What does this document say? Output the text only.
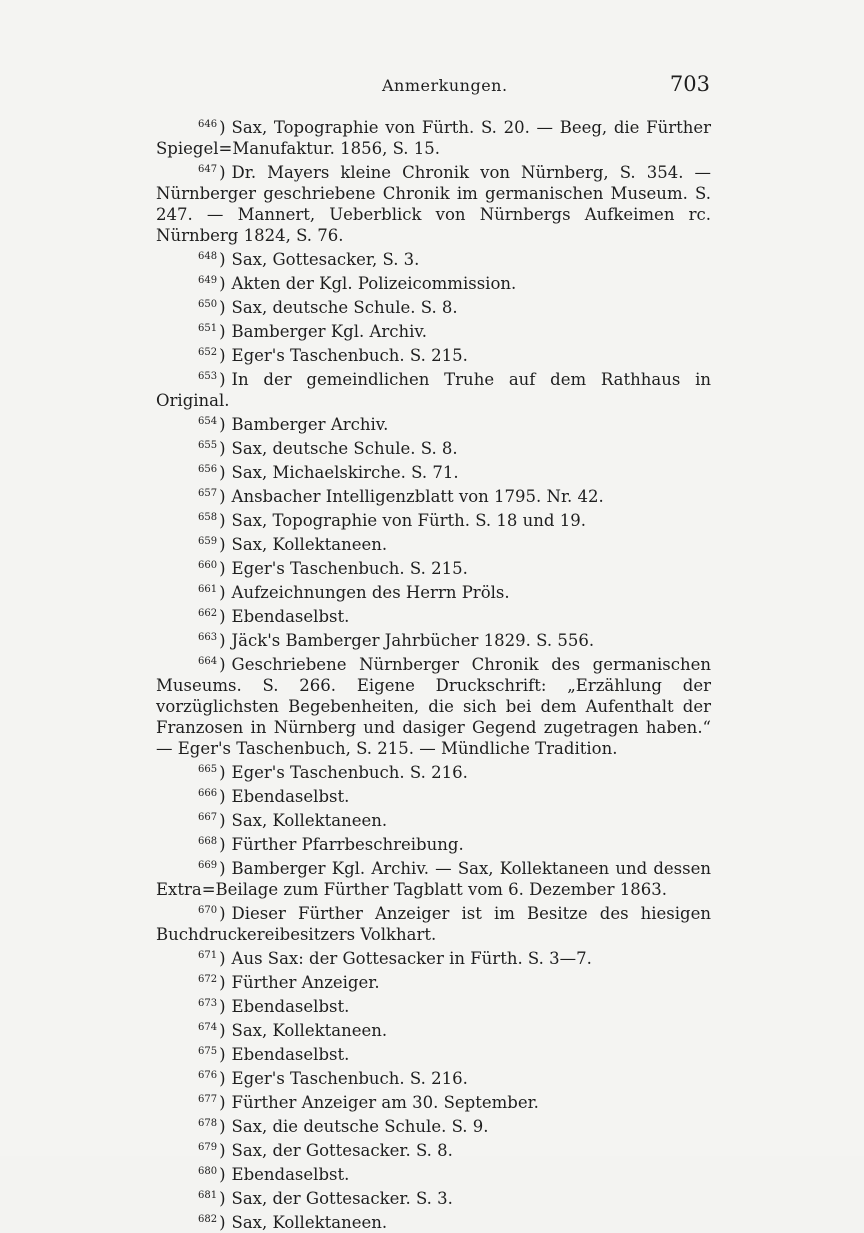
Anmerkungen.	703

$^{646}$ ) Sax, Topographie von Fürth. S. 20. — Beeg, die Fürther Spiegel=Manufaktur. 1856, S. 15.

$^{647}$ ) Dr. Mayers kleine Chronik von Nürnberg, S. 354. — Nürnberger geschriebene Chronik im germanischen Museum. S. 247. — Mannert, Ueberblick von Nürnbergs Aufkeimen rc. Nürnberg 1824, S. 76.

$^{648}$ ) Sax, Gottesacker, S. 3.

$^{649}$ ) Akten der Kgl. Polizeicommission.

$^{650}$ ) Sax, deutsche Schule. S. 8.

$^{651}$ ) Bamberger Kgl. Archiv.

$^{652}$ ) Eger's Taschenbuch. S. 215.

$^{653}$ ) In der gemeindlichen Truhe auf dem Rathhaus in Original.

$^{654}$ ) Bamberger Archiv.

$^{655}$ ) Sax, deutsche Schule. S. 8.

$^{656}$ ) Sax, Michaelskirche. S. 71.

$^{657}$ ) Ansbacher Intelligenzblatt von 1795. Nr. 42.

$^{658}$ ) Sax, Topographie von Fürth. S. 18 und 19.

$^{659}$ ) Sax, Kollektaneen.

$^{660}$ ) Eger's Taschenbuch. S. 215.

$^{661}$ ) Aufzeichnungen des Herrn Pröls.

$^{662}$ ) Ebendaselbst.

$^{663}$ ) Jäck's Bamberger Jahrbücher 1829. S. 556.

$^{664}$ ) Geschriebene Nürnberger Chronik des germanischen Museums. S. 266. Eigene Druckschrift: „Erzählung der vorzüglichsten Begebenheiten, die sich bei dem Aufenthalt der Franzosen in Nürnberg und dasiger Gegend zugetragen haben.“ — Eger's Taschenbuch, S. 215. — Mündliche Tradition.

$^{665}$ ) Eger's Taschenbuch. S. 216.

$^{666}$ ) Ebendaselbst.

$^{667}$ ) Sax, Kollektaneen.

$^{668}$ ) Fürther Pfarrbeschreibung.

$^{669}$ ) Bamberger Kgl. Archiv. — Sax, Kollektaneen und dessen Extra=Beilage zum Fürther Tagblatt vom 6. Dezember 1863.

$^{670}$ ) Dieser Fürther Anzeiger ist im Besitze des hiesigen Buchdruckereibesitzers Volkhart.

$^{671}$ ) Aus Sax: der Gottesacker in Fürth. S. 3—7.

$^{672}$ ) Fürther Anzeiger.

$^{673}$ ) Ebendaselbst.

$^{674}$ ) Sax, Kollektaneen.

$^{675}$ ) Ebendaselbst.

$^{676}$ ) Eger's Taschenbuch. S. 216.

$^{677}$ ) Fürther Anzeiger am 30. September.

$^{678}$ ) Sax, die deutsche Schule. S. 9.

$^{679}$ ) Sax, der Gottesacker. S. 8.

$^{680}$ ) Ebendaselbst.

$^{681}$ ) Sax, der Gottesacker. S. 3.

$^{682}$ ) Sax, Kollektaneen.
